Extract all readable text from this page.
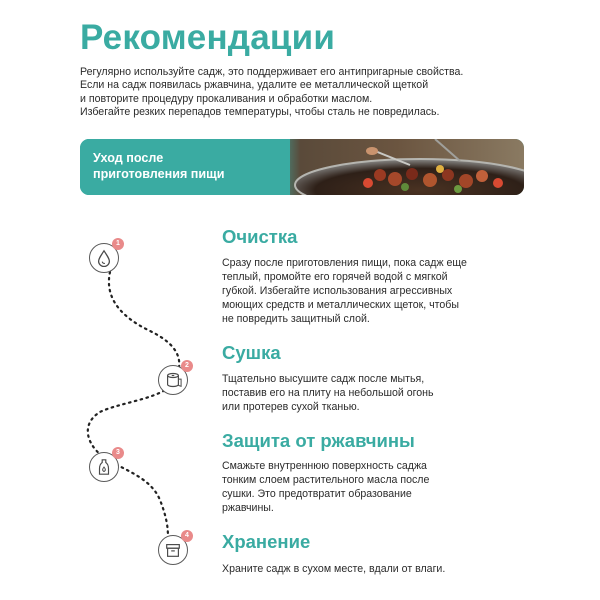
Рекомендации
Регулярно используйте садж, это поддерживает его антипригарные свойства.
Если на садж появилась ржавчина, удалите ее металлической щеткой
и повторите процедуру прокаливания и обработки маслом.
Избегайте резких перепадов температуры, чтобы сталь не повредилась.
Уход после
приготовления пищи
1
2
3
4
Очистка
Сразу после приготовления пищи, пока садж еще
теплый, промойте его горячей водой с мягкой
губкой. Избегайте использования агрессивных
моющих средств и металлических щеток, чтобы
не повредить защитный слой.
Сушка
Тщательно высушите садж после мытья,
поставив его на плиту на небольшой огонь
или протерев сухой тканью.
Защита от ржавчины
Смажьте внутреннюю поверхность саджа
тонким слоем растительного масла после
сушки. Это предотвратит образование
ржавчины.
Хранение
Храните садж в сухом месте, вдали от влаги.
